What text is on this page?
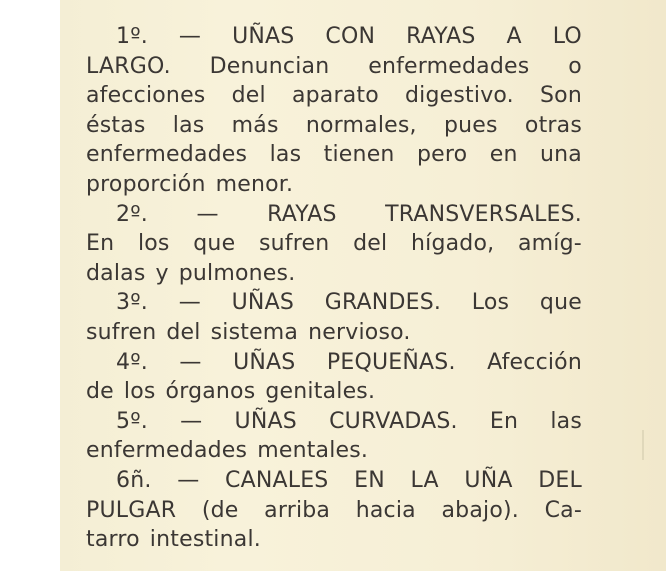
1º. — UÑAS CON RAYAS A LO
LARGO. Denuncian enfermedades o
afecciones del aparato digestivo. Son
éstas las más normales, pues otras
enfermedades las tienen pero en una
proporción menor.
2º. — RAYAS TRANSVERSALES.
En los que sufren del hígado, amíg-
dalas y pulmones.
3º. — UÑAS GRANDES. Los que
sufren del sistema nervioso.
4º. — UÑAS PEQUEÑAS. Afección
de los órganos genitales.
5º. — UÑAS CURVADAS. En las
enfermedades mentales.
6ñ. — CANALES EN LA UÑA DEL
PULGAR (de arriba hacia abajo). Ca-
tarro intestinal.
